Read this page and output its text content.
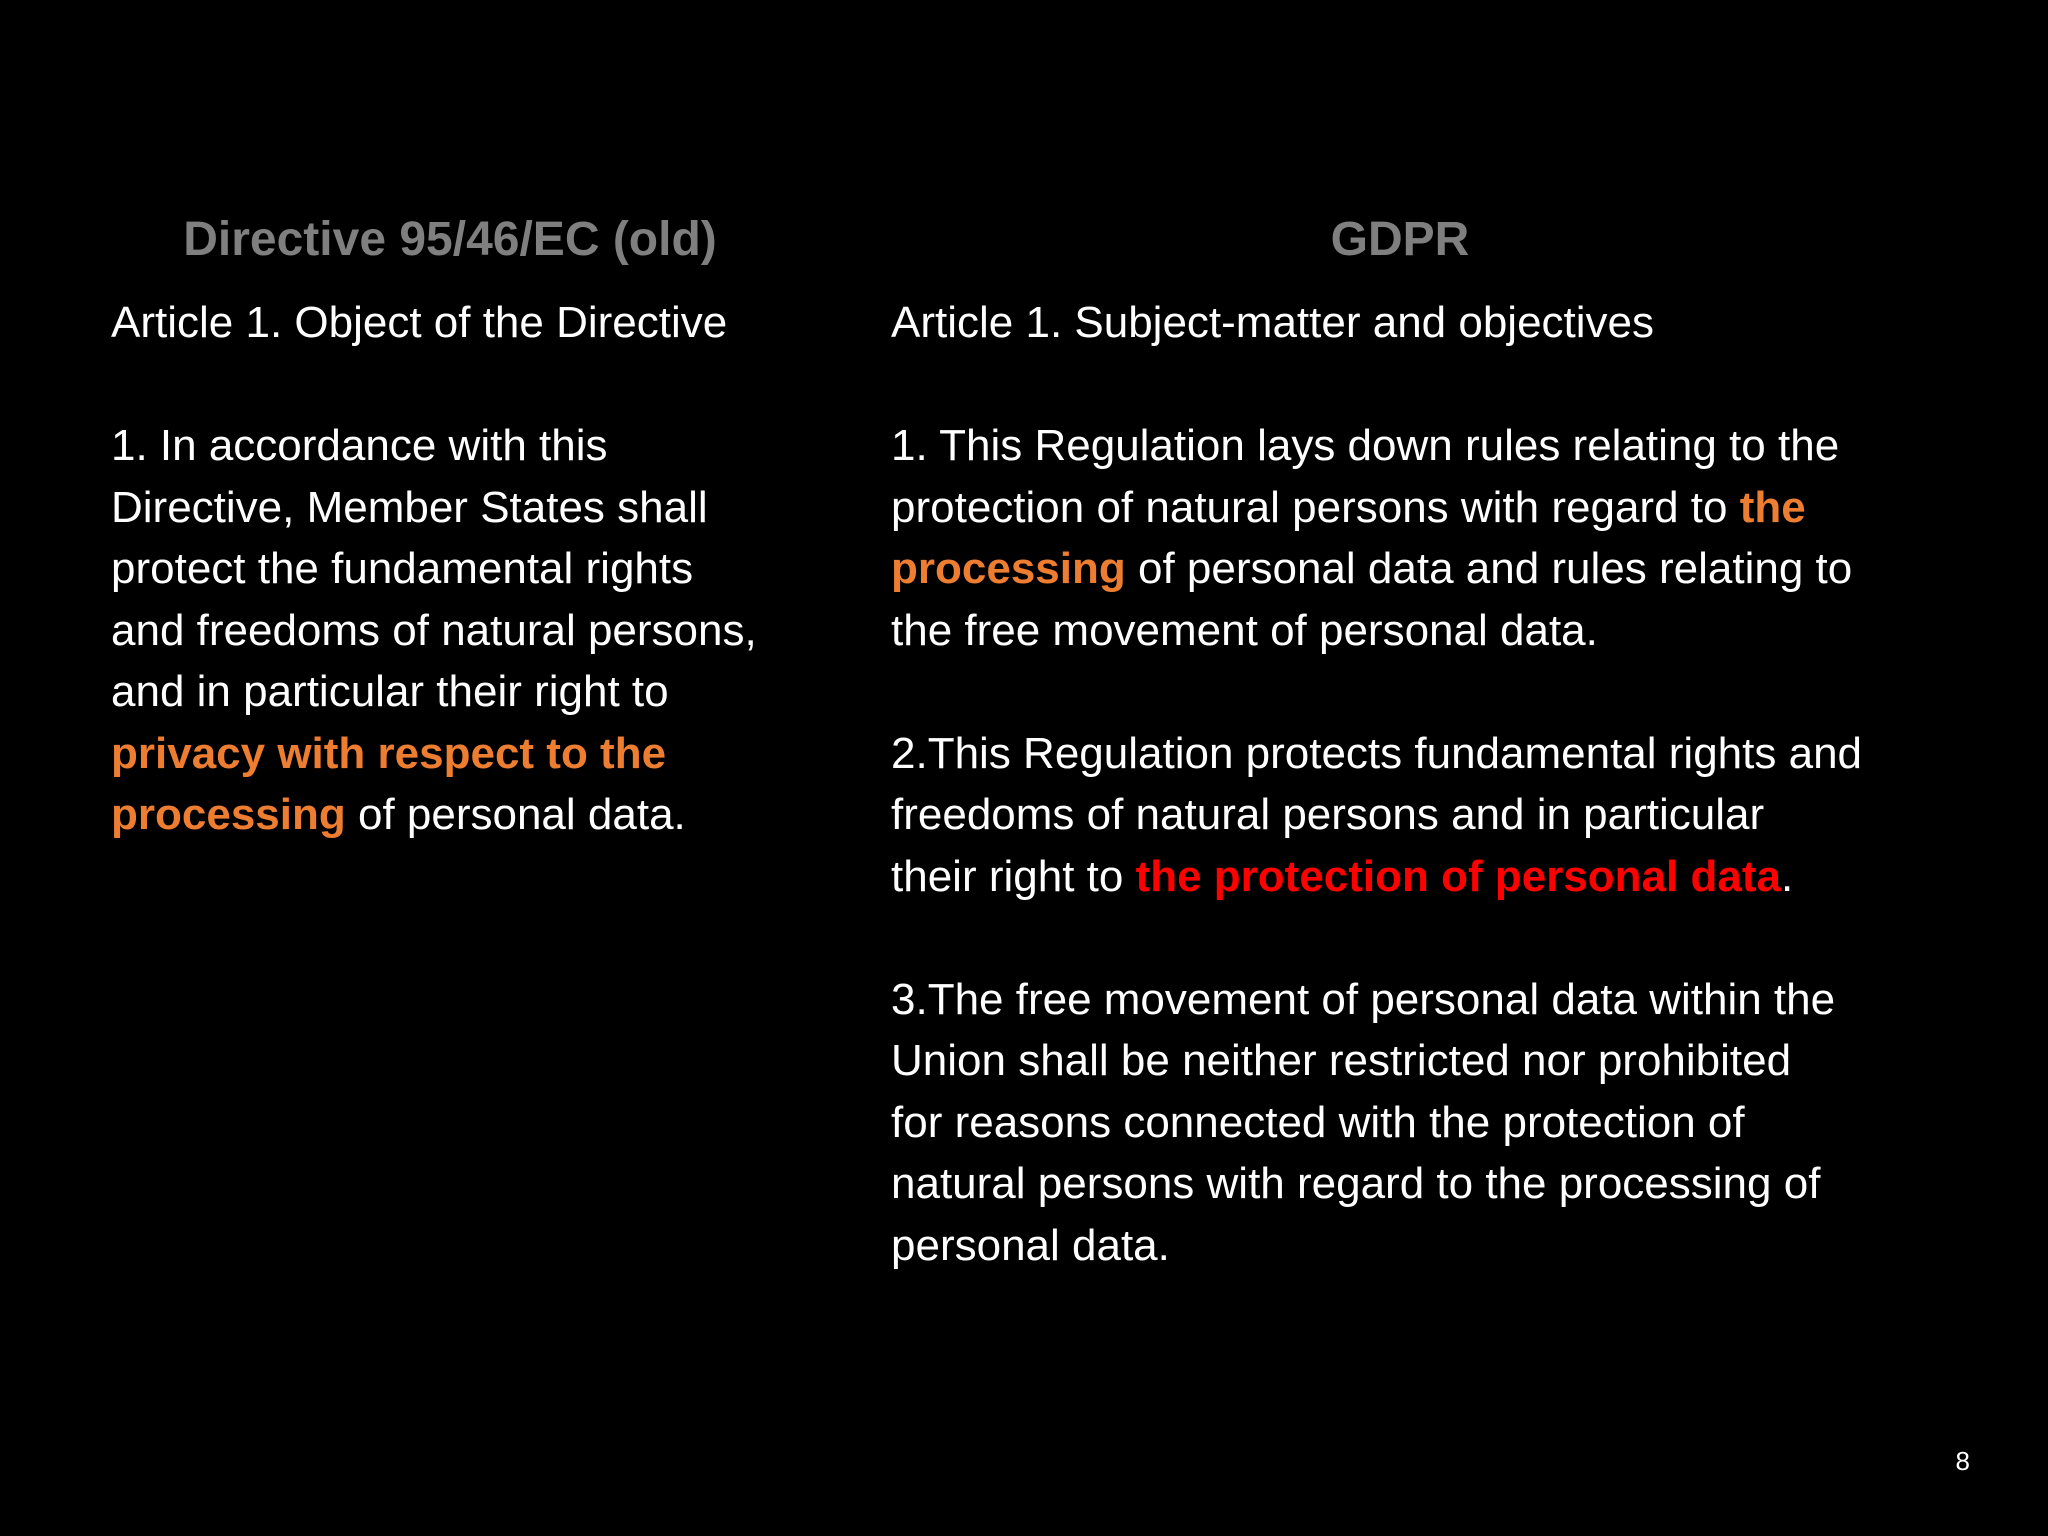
Directive 95/46/EC (old)	GDPR

Article 1. Object of the Directive

1. In accordance with this
Directive, Member States shall
protect the fundamental rights
and freedoms of natural persons,
and in particular their right to
privacy with respect to the
processing of personal data.

Article 1. Subject-matter and objectives

1. This Regulation lays down rules relating to the
protection of natural persons with regard to the
processing of personal data and rules relating to
the free movement of personal data.

2.This Regulation protects fundamental rights and
freedoms of natural persons and in particular
their right to the protection of personal data.

3.The free movement of personal data within the
Union shall be neither restricted nor prohibited
for reasons connected with the protection of
natural persons with regard to the processing of
personal data.

8
